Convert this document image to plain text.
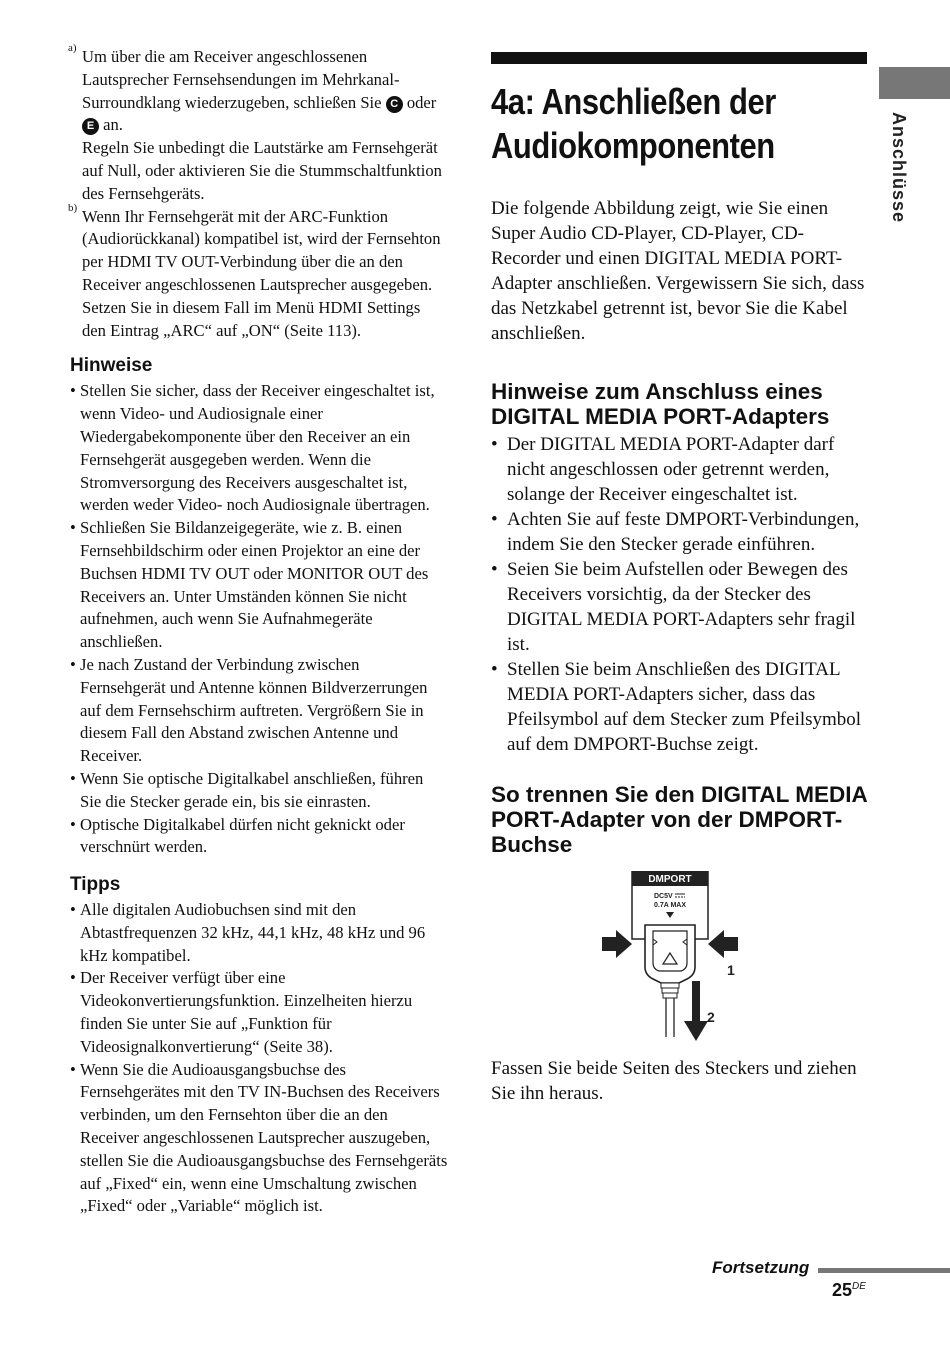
a) Um über die am Receiver angeschlossenen Lautsprecher Fernsehsendungen im Mehrkanal-Surroundklang wiederzugeben, schließen Sie C oder E an.

Regeln Sie unbedingt die Lautstärke am Fernsehgerät auf Null, oder aktivieren Sie die Stummschaltfunktion des Fernsehgeräts.

b) Wenn Ihr Fernsehgerät mit der ARC-Funktion (Audiorückkanal) kompatibel ist, wird der Fernsehton per HDMI TV OUT-Verbindung über die an den Receiver angeschlossenen Lautsprecher ausgegeben. Setzen Sie in diesem Fall im Menü HDMI Settings den Eintrag „ARC“ auf „ON“ (Seite 113).

Hinweise
• Stellen Sie sicher, dass der Receiver eingeschaltet ist, wenn Video- und Audiosignale einer Wiedergabekomponente über den Receiver an ein Fernsehgerät ausgegeben werden. Wenn die Stromversorgung des Receivers ausgeschaltet ist, werden weder Video- noch Audiosignale übertragen.
• Schließen Sie Bildanzeigegeräte, wie z. B. einen Fernsehbildschirm oder einen Projektor an eine der Buchsen HDMI TV OUT oder MONITOR OUT des Receivers an. Unter Umständen können Sie nicht aufnehmen, auch wenn Sie Aufnahmegeräte anschließen.
• Je nach Zustand der Verbindung zwischen Fernsehgerät und Antenne können Bildverzerrungen auf dem Fernsehschirm auftreten. Vergrößern Sie in diesem Fall den Abstand zwischen Antenne und Receiver.
• Wenn Sie optische Digitalkabel anschließen, führen Sie die Stecker gerade ein, bis sie einrasten.
• Optische Digitalkabel dürfen nicht geknickt oder verschnürt werden.
Tipps
• Alle digitalen Audiobuchsen sind mit den Abtastfrequenzen 32 kHz, 44,1 kHz, 48 kHz und 96 kHz kompatibel.
• Der Receiver verfügt über eine Videokonvertierungsfunktion. Einzelheiten hierzu finden Sie unter Sie auf „Funktion für Videosignalkonvertierung“ (Seite 38).
• Wenn Sie die Audioausgangsbuchse des Fernsehgerätes mit den TV IN-Buchsen des Receivers verbinden, um den Fernsehton über die an den Receiver angeschlossenen Lautsprecher auszugeben, stellen Sie die Audioausgangsbuchse des Fernsehgeräts auf „Fixed“ ein, wenn eine Umschaltung zwischen „Fixed“ oder „Variable“ möglich ist.
4a: Anschließen der Audiokomponenten

Die folgende Abbildung zeigt, wie Sie einen Super Audio CD-Player, CD-Player, CD-Recorder und einen DIGITAL MEDIA PORT-Adapter anschließen. Vergewissern Sie sich, dass das Netzkabel getrennt ist, bevor Sie die Kabel anschließen.

Hinweise zum Anschluss eines DIGITAL MEDIA PORT-Adapters
• Der DIGITAL MEDIA PORT-Adapter darf nicht angeschlossen oder getrennt werden, solange der Receiver eingeschaltet ist.
• Achten Sie auf feste DMPORT-Verbindungen, indem Sie den Stecker gerade einführen.
• Seien Sie beim Aufstellen oder Bewegen des Receivers vorsichtig, da der Stecker des DIGITAL MEDIA PORT-Adapters sehr fragil ist.
• Stellen Sie beim Anschließen des DIGITAL MEDIA PORT-Adapters sicher, dass das Pfeilsymbol auf dem Stecker zum Pfeilsymbol auf dem DMPORT-Buchse zeigt.
So trennen Sie den DIGITAL MEDIA PORT-Adapter von der DMPORT-Buchse
DMPORT
DC5V
0.7A MAX
1
2

Fassen Sie beide Seiten des Steckers und ziehen Sie ihn heraus.

Anschlüsse
Fortsetzung
25DE
